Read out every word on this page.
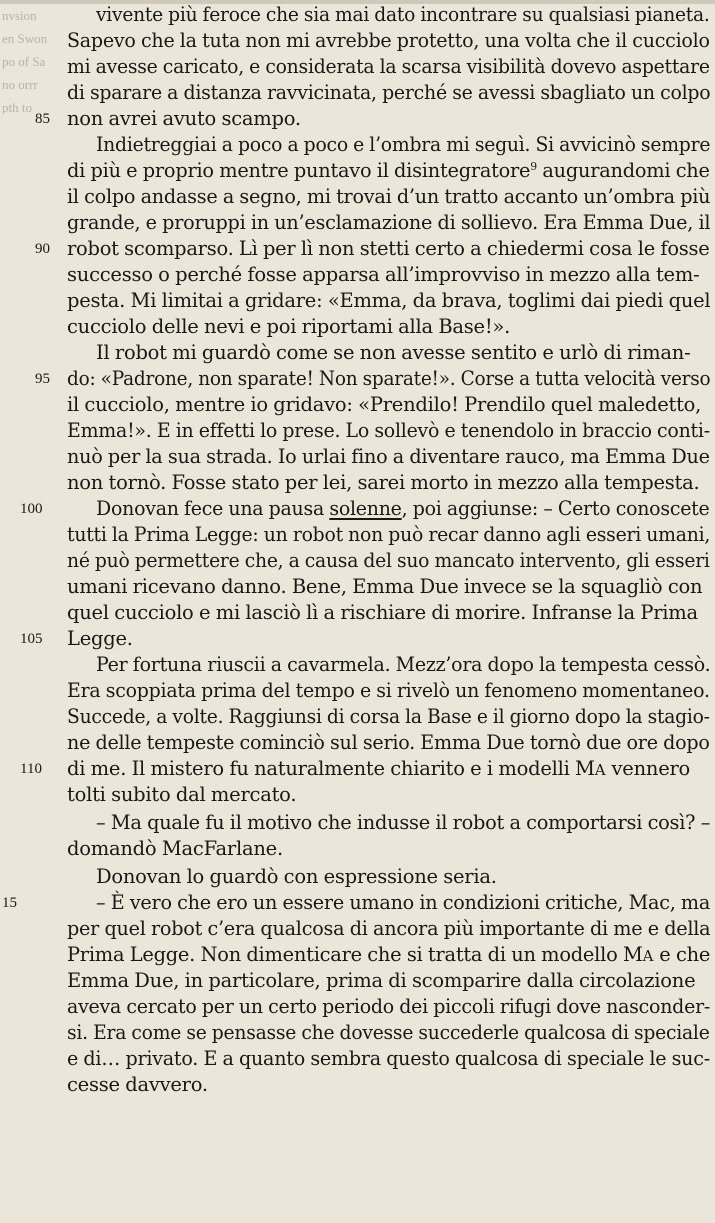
nvsion
en Swon
po of Sa
no orrr
pth to
vivente più feroce che sia mai dato incontrare su qualsiasi pianeta.
Sapevo che la tuta non mi avrebbe protetto, una volta che il cucciolo
mi avesse caricato, e considerata la scarsa visibilità dovevo aspettare
di sparare a distanza ravvicinata, perché se avessi sbagliato un colpo
non avrei avuto scampo.
Indietreggiai a poco a poco e l’ombra mi seguì. Si avvicinò sempre
di più e proprio mentre puntavo il disintegratore$^9$ augurandomi che
il colpo andasse a segno, mi trovai d’un tratto accanto un’ombra più
grande, e proruppi in un’esclamazione di sollievo. Era Emma Due, il
robot scomparso. Lì per lì non stetti certo a chiedermi cosa le fosse
successo o perché fosse apparsa all’improvviso in mezzo alla tem-
pesta. Mi limitai a gridare: «Emma, da brava, toglimi dai piedi quel
cucciolo delle nevi e poi riportami alla Base!».
Il robot mi guardò come se non avesse sentito e urlò di riman-
do: «Padrone, non sparate! Non sparate!». Corse a tutta velocità verso
il cucciolo, mentre io gridavo: «Prendilo! Prendilo quel maledetto,
Emma!». E in effetti lo prese. Lo sollevò e tenendolo in braccio conti-
nuò per la sua strada. Io urlai fino a diventare rauco, ma Emma Due
non tornò. Fosse stato per lei, sarei morto in mezzo alla tempesta.
Donovan fece una pausa solenne, poi aggiunse: – Certo conoscete
tutti la Prima Legge: un robot non può recar danno agli esseri umani,
né può permettere che, a causa del suo mancato intervento, gli esseri
umani ricevano danno. Bene, Emma Due invece se la squagliò con
quel cucciolo e mi lasciò lì a rischiare di morire. Infranse la Prima
Legge.
Per fortuna riuscii a cavarmela. Mezz’ora dopo la tempesta cessò.
Era scoppiata prima del tempo e si rivelò un fenomeno momentaneo.
Succede, a volte. Raggiunsi di corsa la Base e il giorno dopo la stagio-
ne delle tempeste cominciò sul serio. Emma Due tornò due ore dopo
di me. Il mistero fu naturalmente chiarito e i modelli MA vennero
tolti subito dal mercato.
– Ma quale fu il motivo che indusse il robot a comportarsi così? –
domandò MacFarlane.
Donovan lo guardò con espressione seria.
– È vero che ero un essere umano in condizioni critiche, Mac, ma
per quel robot c’era qualcosa di ancora più importante di me e della
Prima Legge. Non dimenticare che si tratta di un modello MA e che
Emma Due, in particolare, prima di scomparire dalla circolazione
aveva cercato per un certo periodo dei piccoli rifugi dove nasconder-
si. Era come se pensasse che dovesse succederle qualcosa di speciale
e di… privato. E a quanto sembra questo qualcosa di speciale le suc-
cesse davvero.
85
90
95
100
105
110
15
